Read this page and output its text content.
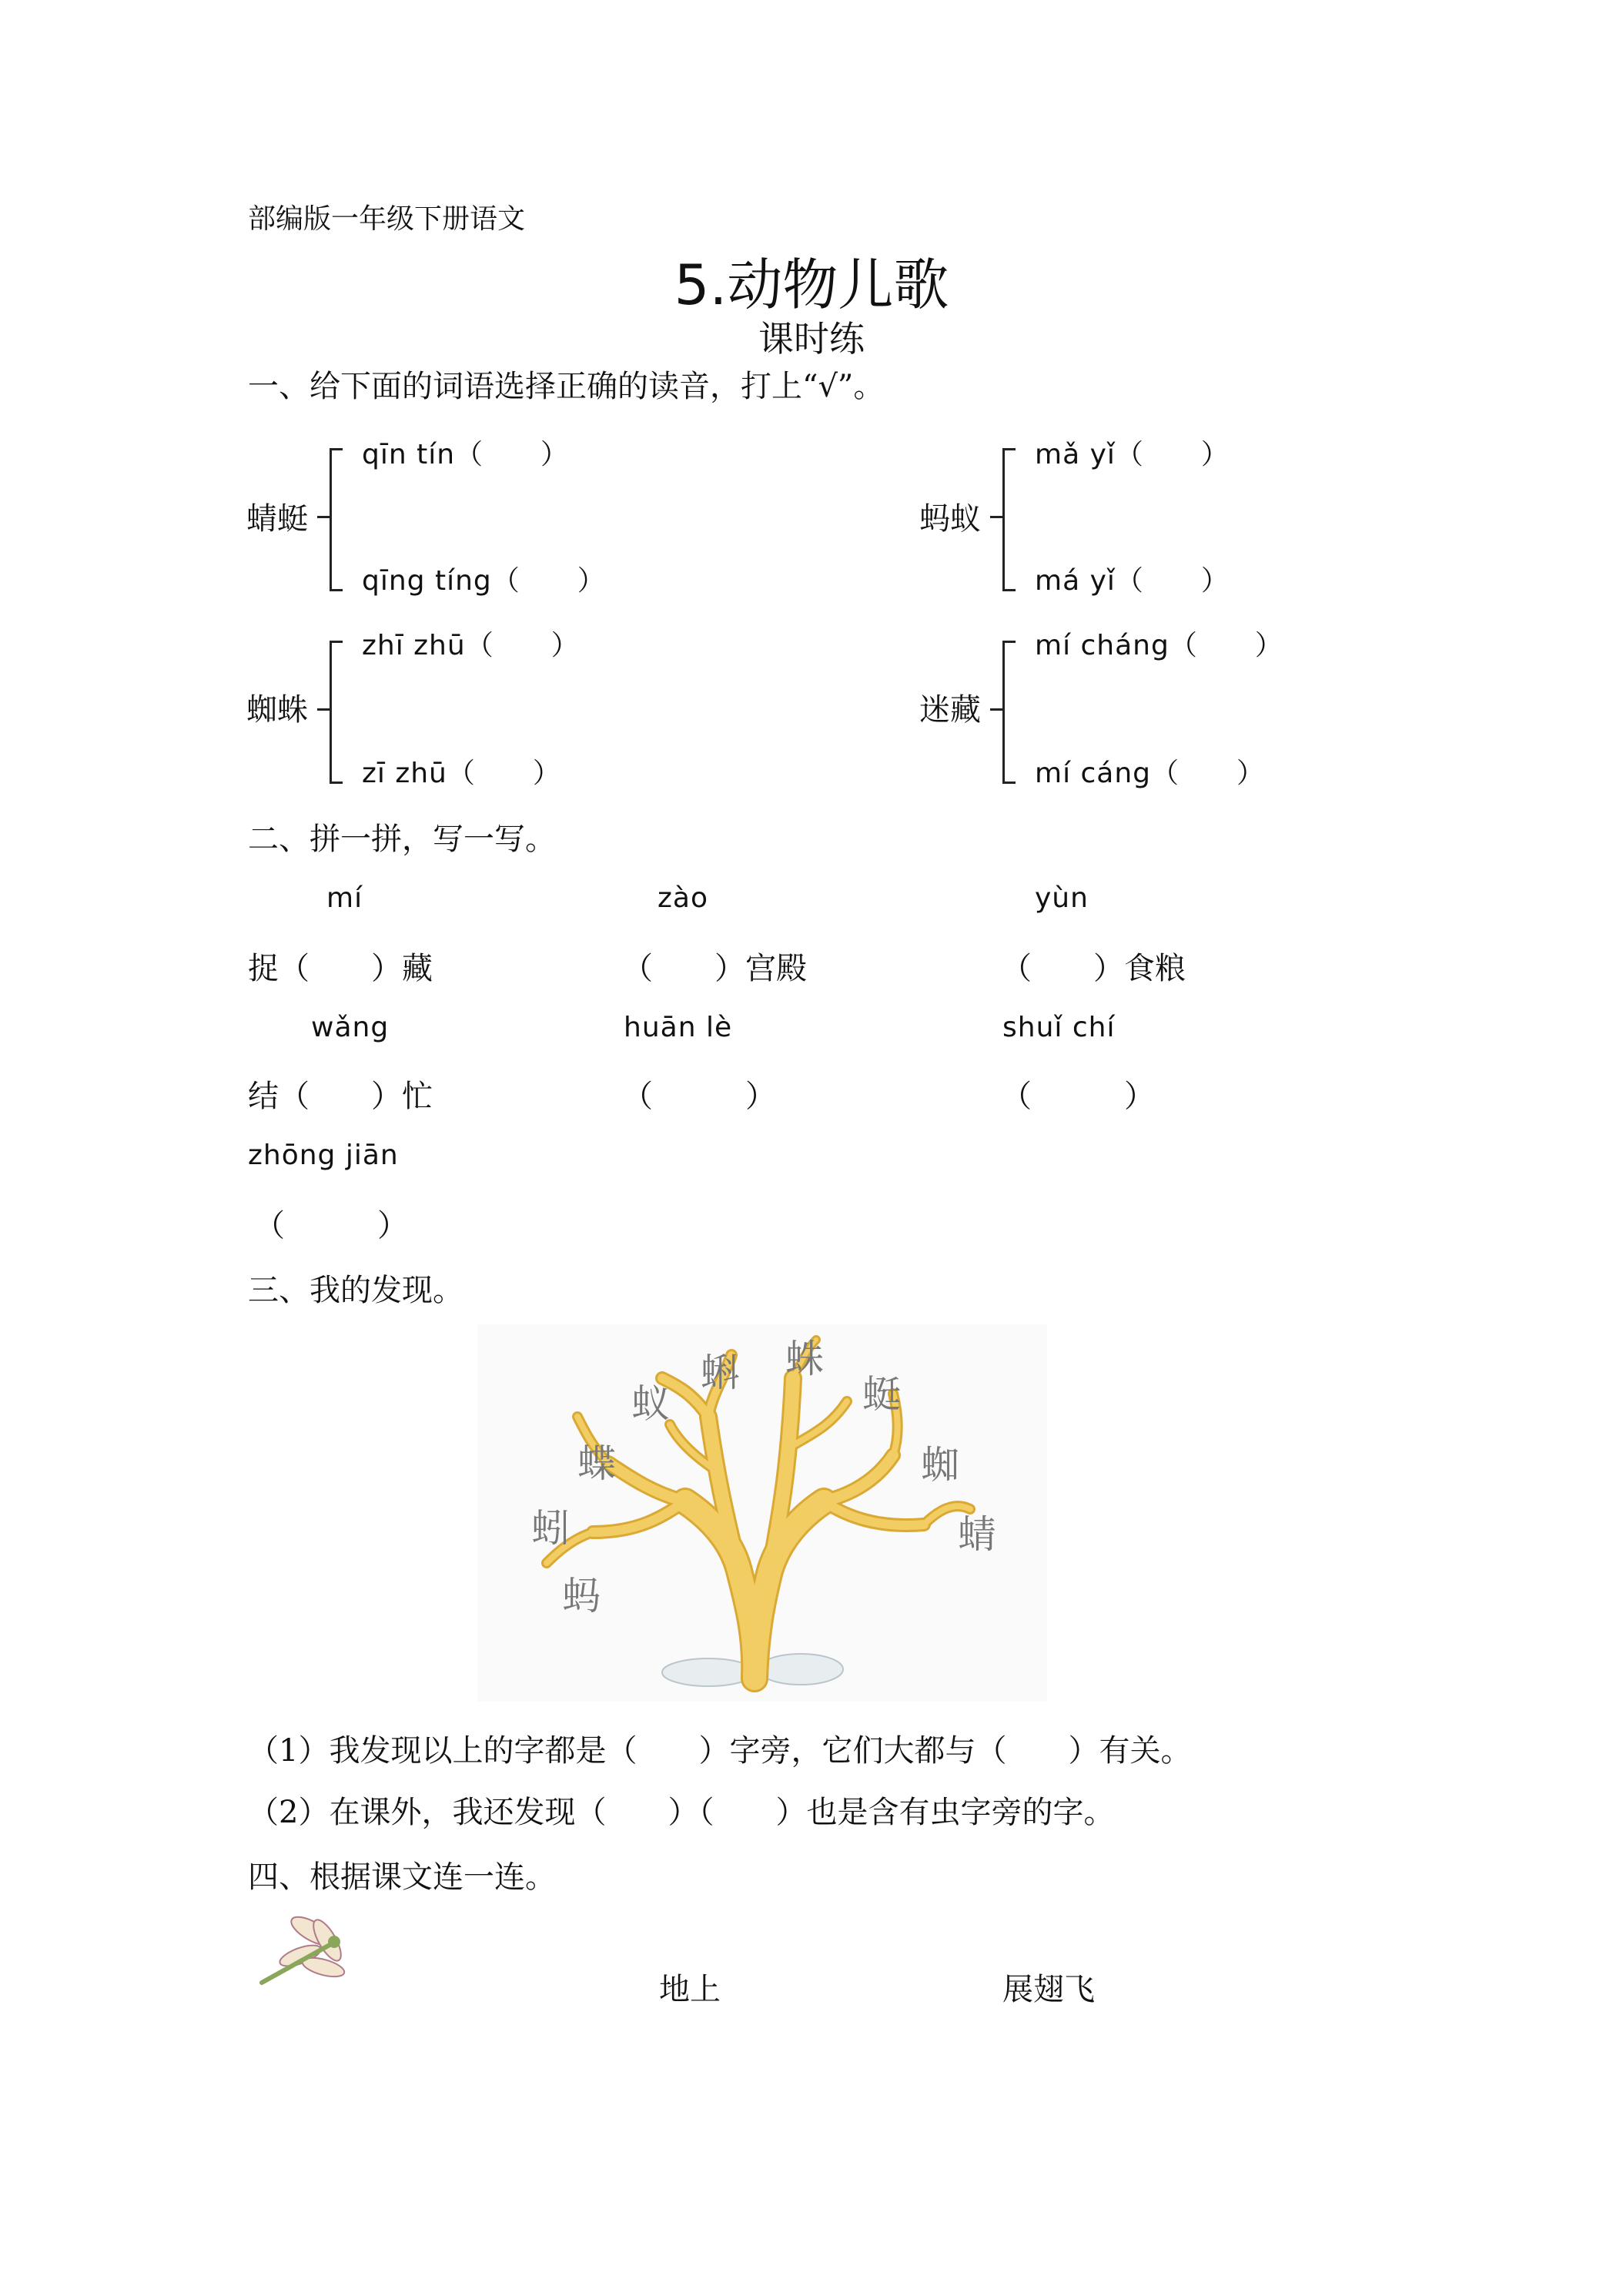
部编版一年级下册语文
5.动物儿歌
课时练
一、给下面的词语选择正确的读音，打上“√”。
蜻蜓
qīn tín（　　）
qīng tíng（　　）
蚂蚁
mǎ yǐ（　　）
má yǐ（　　）
蜘蛛
zhī zhū（　　）
zī zhū（　　）
迷藏
mí cháng（　　）
mí cáng（　　）
二、拼一拼，写一写。
mí	zào	yùn
捉（　　）藏	（　　）宫殿	（　　）食粮
wǎng	huān lè	shuǐ chí
结（　　）忙	（　　　）	（　　　）
zhōng jiān
（　　　）
三、我的发现。
蚁
蝌 蛛
蜓
蝶	蜘
蚓	蜻
蚂
（1）我发现以上的字都是（　　）字旁，它们大都与（　　）有关。
（2）在课外，我还发现（　　）（　　）也是含有虫字旁的字。
四、根据课文连一连。
地上	展翅飞
